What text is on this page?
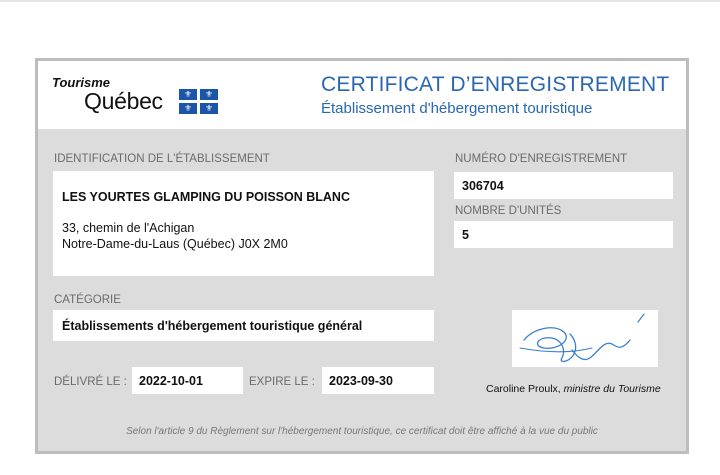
Tourisme
Québec	⚜	⚜
⚜	⚜
CERTIFICAT D’ENREGISTREMENT
Établissement d'hébergement touristique
IDENTIFICATION DE L'ÉTABLISSEMENT
LES YOURTES GLAMPING DU POISSON BLANC
33, chemin de l'Achigan
Notre-Dame-du-Laus (Québec) J0X 2M0
NUMÉRO D'ENREGISTREMENT
306704
NOMBRE D'UNITÉS
5
CATÉGORIE
Établissements d'hébergement touristique général
DÉLIVRÉ LE : 2022-10-01	EXPIRE LE : 2023-09-30
Caroline Proulx, ministre du Tourisme
Selon l'article 9 du Règlement sur l'hébergement touristique, ce certificat doit être affiché à la vue du public
